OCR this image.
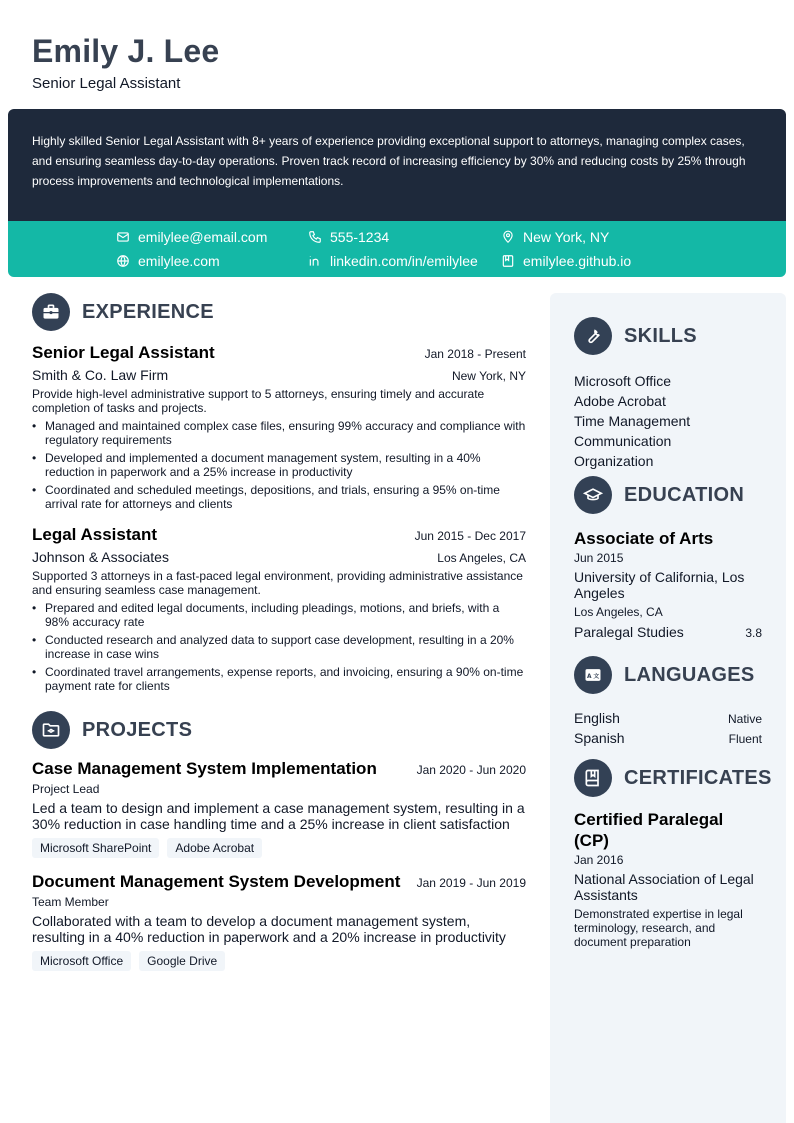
Emily J. Lee
Senior Legal Assistant
Highly skilled Senior Legal Assistant with 8+ years of experience providing exceptional support to attorneys, managing complex cases, and ensuring seamless day-to-day operations. Proven track record of increasing efficiency by 30% and reducing costs by 25% through process improvements and technological implementations.
emilylee@email.com	555-1234	New York, NY
emilylee.com	linkedin.com/in/emilylee	emilylee.github.io
EXPERIENCE
Senior Legal Assistant	Jan 2018 - Present
Smith & Co. Law Firm	New York, NY
Provide high-level administrative support to 5 attorneys, ensuring timely and accurate completion of tasks and projects.
• Managed and maintained complex case files, ensuring 99% accuracy and compliance with regulatory requirements
• Developed and implemented a document management system, resulting in a 40% reduction in paperwork and a 25% increase in productivity
• Coordinated and scheduled meetings, depositions, and trials, ensuring a 95% on-time arrival rate for attorneys and clients
Legal Assistant	Jun 2015 - Dec 2017
Johnson & Associates	Los Angeles, CA
Supported 3 attorneys in a fast-paced legal environment, providing administrative assistance and ensuring seamless case management.
• Prepared and edited legal documents, including pleadings, motions, and briefs, with a 98% accuracy rate
• Conducted research and analyzed data to support case development, resulting in a 20% increase in case wins
• Coordinated travel arrangements, expense reports, and invoicing, ensuring a 90% on-time payment rate for clients
PROJECTS
Case Management System Implementation	Jan 2020 - Jun 2020
Project Lead
Led a team to design and implement a case management system, resulting in a 30% reduction in case handling time and a 25% increase in client satisfaction
Microsoft SharePoint	Adobe Acrobat
Document Management System Development Jan 2019 - Jun 2019
Team Member
Collaborated with a team to develop a document management system, resulting in a 40% reduction in paperwork and a 20% increase in productivity
Microsoft Office	Google Drive
SKILLS
Microsoft Office
Adobe Acrobat
Time Management
Communication
Organization
EDUCATION
Associate of Arts
Jun 2015
University of California, Los Angeles
Los Angeles, CA
Paralegal Studies	3.8
A 文 LANGUAGES
English	Native
Spanish	Fluent
CERTIFICATES
Certified Paralegal (CP)
Jan 2016
National Association of Legal Assistants
Demonstrated expertise in legal terminology, research, and document preparation
